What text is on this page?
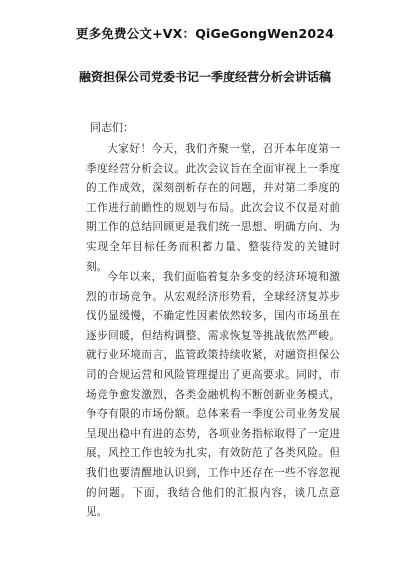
更多免费公文+VX：QiGeGongWen2024
融资担保公司党委书记一季度经营分析会讲话稿
同志们：

大家好！今天，我们齐聚一堂，召开本年度第一季度经营分析会议。此次会议旨在全面审视上一季度的工作成效，深刻剖析存在的问题，并对第二季度的工作进行前瞻性的规划与布局。此次会议不仅是对前期工作的总结回顾更是我们统一思想、明确方向、为实现全年目标任务而积蓄力量、整装待发的关键时刻。

今年以来，我们面临着复杂多变的经济环境和激烈的市场竞争。从宏观经济形势看，全球经济复苏步伐仍显缓慢，不确定性因素依然较多，国内市场虽在逐步回暖，但结构调整、需求恢复等挑战依然严峻。就行业环境而言，监管政策持续收紧，对融资担保公司的合规运营和风险管理提出了更高要求。同时，市场竞争愈发激烈，各类金融机构不断创新业务模式，争夺有限的市场份额。总体来看一季度公司业务发展呈现出稳中有进的态势，各项业务指标取得了一定进展，风控工作也较为扎实，有效防范了各类风险。但我们也要清醒地认识到，工作中还存在一些不容忽视的问题。下面，我结合他们的汇报内容，谈几点意见。
